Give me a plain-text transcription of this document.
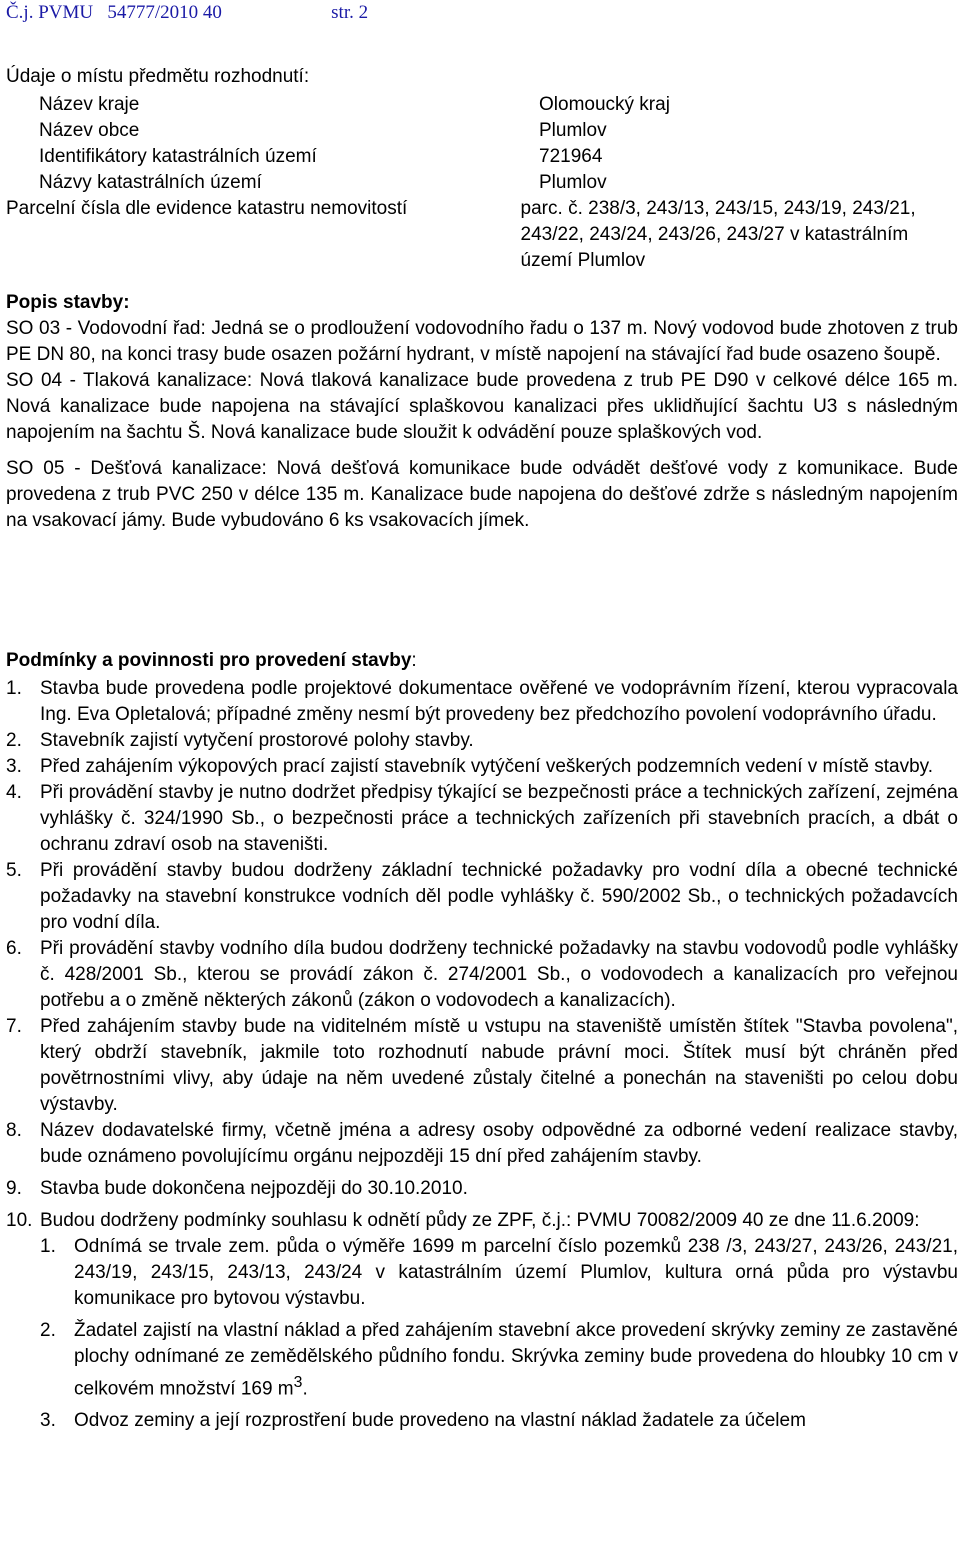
Č.j. PVMU 54777/2010 40	str. 2
Údaje o místu předmětu rozhodnutí:
Název kraje	Olomoucký kraj
Název obce	Plumlov
Identifikátory katastrálních území	721964
Názvy katastrálních území	Plumlov
Parcelní čísla dle evidence katastru nemovitostí	parc. č. 238/3, 243/13, 243/15, 243/19, 243/21, 243/22, 243/24, 243/26, 243/27 v katastrálním území Plumlov
Popis stavby:
SO 03 - Vodovodní řad: Jedná se o prodloužení vodovodního řadu o 137 m. Nový vodovod bude zhotoven z trub PE DN 80, na konci trasy bude osazen požární hydrant, v místě napojení na stávající řad bude osazeno šoupě.
SO 04 - Tlaková kanalizace: Nová tlaková kanalizace bude provedena z trub PE D90 v celkové délce 165 m. Nová kanalizace bude napojena na stávající splaškovou kanalizaci přes uklidňující šachtu U3 s následným napojením na šachtu Š. Nová kanalizace bude sloužit k odvádění pouze splaškových vod.
SO 05 - Dešťová kanalizace: Nová dešťová komunikace bude odvádět dešťové vody z komunikace. Bude provedena z trub PVC 250 v délce 135 m. Kanalizace bude napojena do dešťové zdrže s následným napojením na vsakovací jámy. Bude vybudováno 6 ks vsakovacích jímek.
Podmínky a povinnosti pro provedení stavby:
1. Stavba bude provedena podle projektové dokumentace ověřené ve vodoprávním řízení, kterou vypracovala Ing. Eva Opletalová; případné změny nesmí být provedeny bez předchozího povolení vodoprávního úřadu.
2. Stavebník zajistí vytyčení prostorové polohy stavby.
3. Před zahájením výkopových prací zajistí stavebník vytýčení veškerých podzemních vedení v místě stavby.
4. Při provádění stavby je nutno dodržet předpisy týkající se bezpečnosti práce a technických zařízení, zejména vyhlášky č. 324/1990 Sb., o bezpečnosti práce a technických zařízeních při stavebních pracích, a dbát o ochranu zdraví osob na staveništi.
5. Při provádění stavby budou dodrženy základní technické požadavky pro vodní díla a obecné technické požadavky na stavební konstrukce vodních děl podle vyhlášky č. 590/2002 Sb., o technických požadavcích pro vodní díla.
6. Při provádění stavby vodního díla budou dodrženy technické požadavky na stavbu vodovodů podle vyhlášky č. 428/2001 Sb., kterou se provádí zákon č. 274/2001 Sb., o vodovodech a kanalizacích pro veřejnou potřebu a o změně některých zákonů (zákon o vodovodech a kanalizacích).
7. Před zahájením stavby bude na viditelném místě u vstupu na staveniště umístěn štítek "Stavba povolena", který obdrží stavebník, jakmile toto rozhodnutí nabude právní moci. Štítek musí být chráněn před povětrnostními vlivy, aby údaje na něm uvedené zůstaly čitelné a ponechán na staveništi po celou dobu výstavby.
8. Název dodavatelské firmy, včetně jména a adresy osoby odpovědné za odborné vedení realizace stavby, bude oznámeno povolujícímu orgánu nejpozději 15 dní před zahájením stavby.
9. Stavba bude dokončena nejpozději do 30.10.2010.
10. Budou dodrženy podmínky souhlasu k odnětí půdy ze ZPF, č.j.: PVMU 70082/2009 40 ze dne 11.6.2009:
1. Odnímá se trvale zem. půda o výměře 1699 m parcelní číslo pozemků 238 /3, 243/27, 243/26, 243/21, 243/19, 243/15, 243/13, 243/24 v katastrálním území Plumlov, kultura orná půda pro výstavbu komunikace pro bytovou výstavbu.
2. Žadatel zajistí na vlastní náklad a před zahájením stavební akce provedení skrývky zeminy ze zastavěné plochy odnímané ze zemědělského půdního fondu. Skrývka zeminy bude provedena do hloubky 10 cm v celkovém množství 169 $m^3$.
3. Odvoz zeminy a její rozprostření bude provedeno na vlastní náklad žadatele za účelem
